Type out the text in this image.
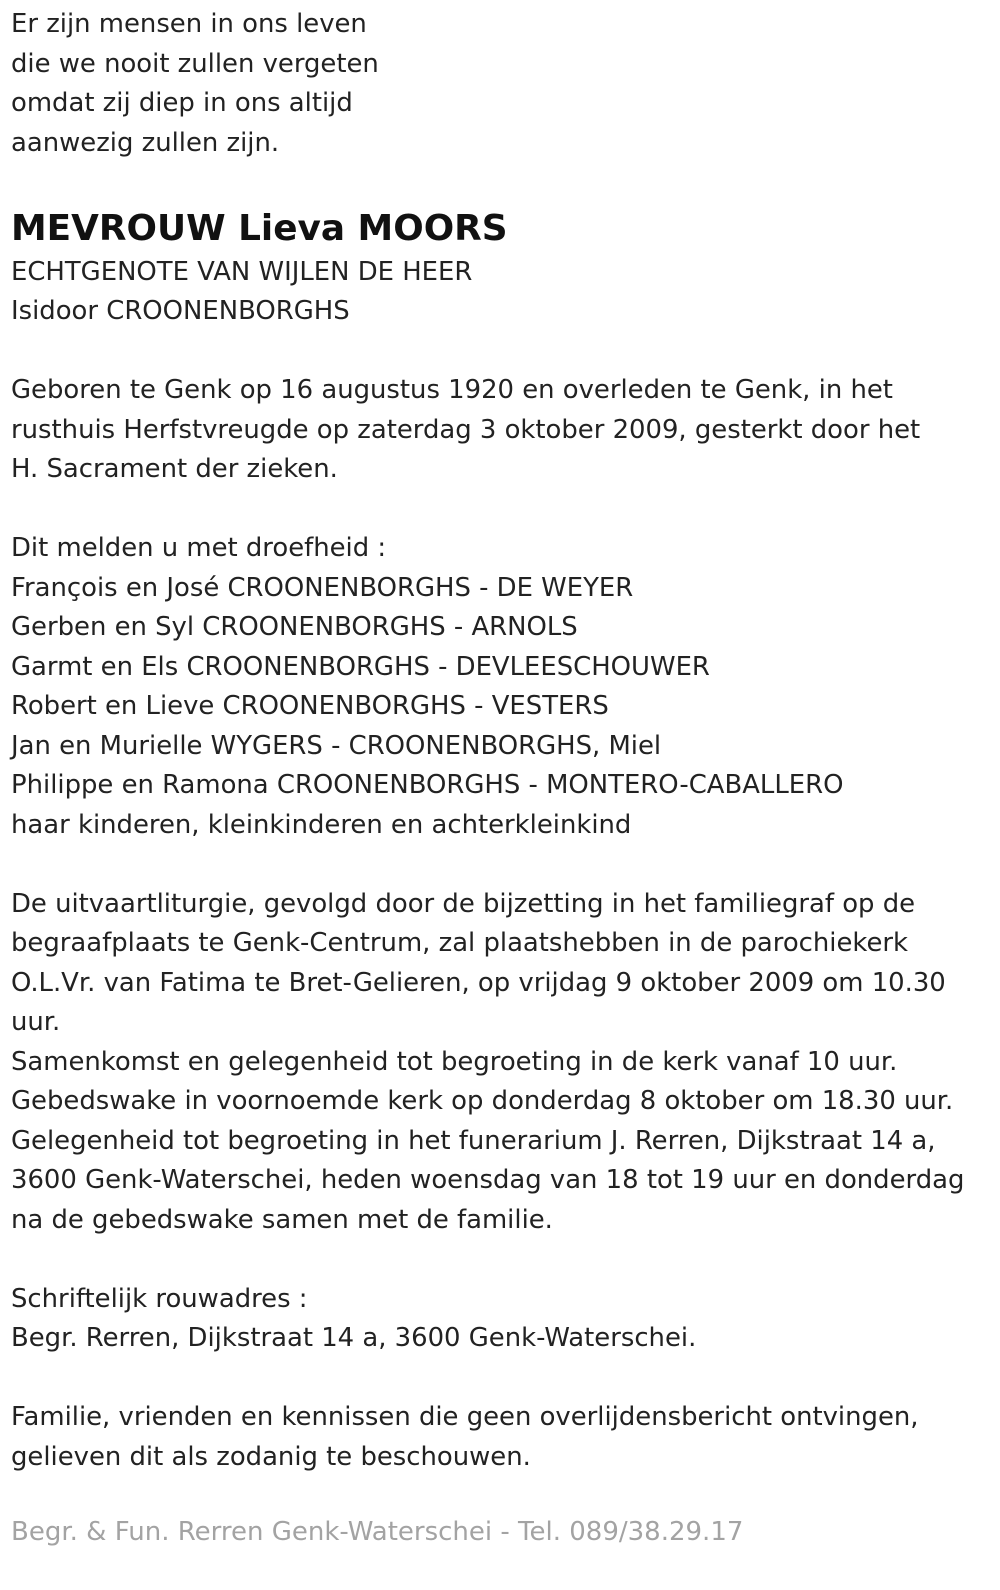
Er zijn mensen in ons leven
die we nooit zullen vergeten
omdat zij diep in ons altijd
aanwezig zullen zijn.
MEVROUW Lieva MOORS
ECHTGENOTE VAN WIJLEN DE HEER
Isidoor CROONENBORGHS
Geboren te Genk op 16 augustus 1920 en overleden te Genk, in het
rusthuis Herfstvreugde op zaterdag 3 oktober 2009, gesterkt door het
H. Sacrament der zieken.
Dit melden u met droefheid :
François en José CROONENBORGHS - DE WEYER
Gerben en Syl CROONENBORGHS - ARNOLS
Garmt en Els CROONENBORGHS - DEVLEESCHOUWER
Robert en Lieve CROONENBORGHS - VESTERS
Jan en Murielle WYGERS - CROONENBORGHS, Miel
Philippe en Ramona CROONENBORGHS - MONTERO-CABALLERO
haar kinderen, kleinkinderen en achterkleinkind
De uitvaartliturgie, gevolgd door de bijzetting in het familiegraf op de
begraafplaats te Genk-Centrum, zal plaatshebben in de parochiekerk
O.L.Vr. van Fatima te Bret-Gelieren, op vrijdag 9 oktober 2009 om 10.30
uur.
Samenkomst en gelegenheid tot begroeting in de kerk vanaf 10 uur.
Gebedswake in voornoemde kerk op donderdag 8 oktober om 18.30 uur.
Gelegenheid tot begroeting in het funerarium J. Rerren, Dijkstraat 14 a,
3600 Genk-Waterschei, heden woensdag van 18 tot 19 uur en donderdag
na de gebedswake samen met de familie.
Schriftelijk rouwadres :
Begr. Rerren, Dijkstraat 14 a, 3600 Genk-Waterschei.
Familie, vrienden en kennissen die geen overlijdensbericht ontvingen,
gelieven dit als zodanig te beschouwen.
Begr. & Fun. Rerren Genk-Waterschei - Tel. 089/38.29.17
